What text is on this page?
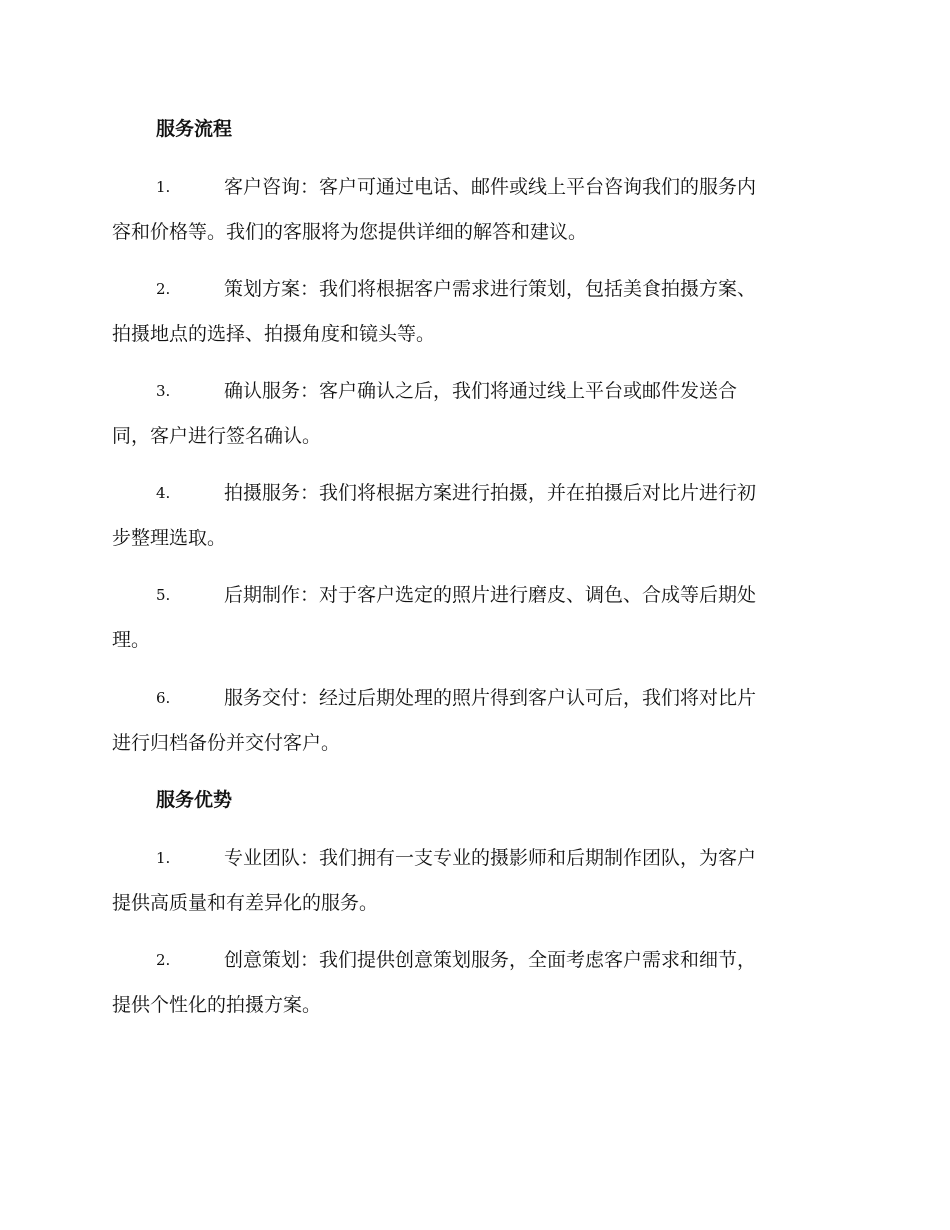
服务流程
1.	客户咨询：客户可通过电话、邮件或线上平台咨询我们的服务内
容和价格等。我们的客服将为您提供详细的解答和建议。
2.	策划方案：我们将根据客户需求进行策划，包括美食拍摄方案、
拍摄地点的选择、拍摄角度和镜头等。
3.	确认服务：客户确认之后，我们将通过线上平台或邮件发送合
同，客户进行签名确认。
4.	拍摄服务：我们将根据方案进行拍摄，并在拍摄后对比片进行初
步整理选取。
5.	后期制作：对于客户选定的照片进行磨皮、调色、合成等后期处
理。
6.	服务交付：经过后期处理的照片得到客户认可后，我们将对比片
进行归档备份并交付客户。
服务优势
1.	专业团队：我们拥有一支专业的摄影师和后期制作团队，为客户
提供高质量和有差异化的服务。
2.	创意策划：我们提供创意策划服务，全面考虑客户需求和细节，
提供个性化的拍摄方案。
